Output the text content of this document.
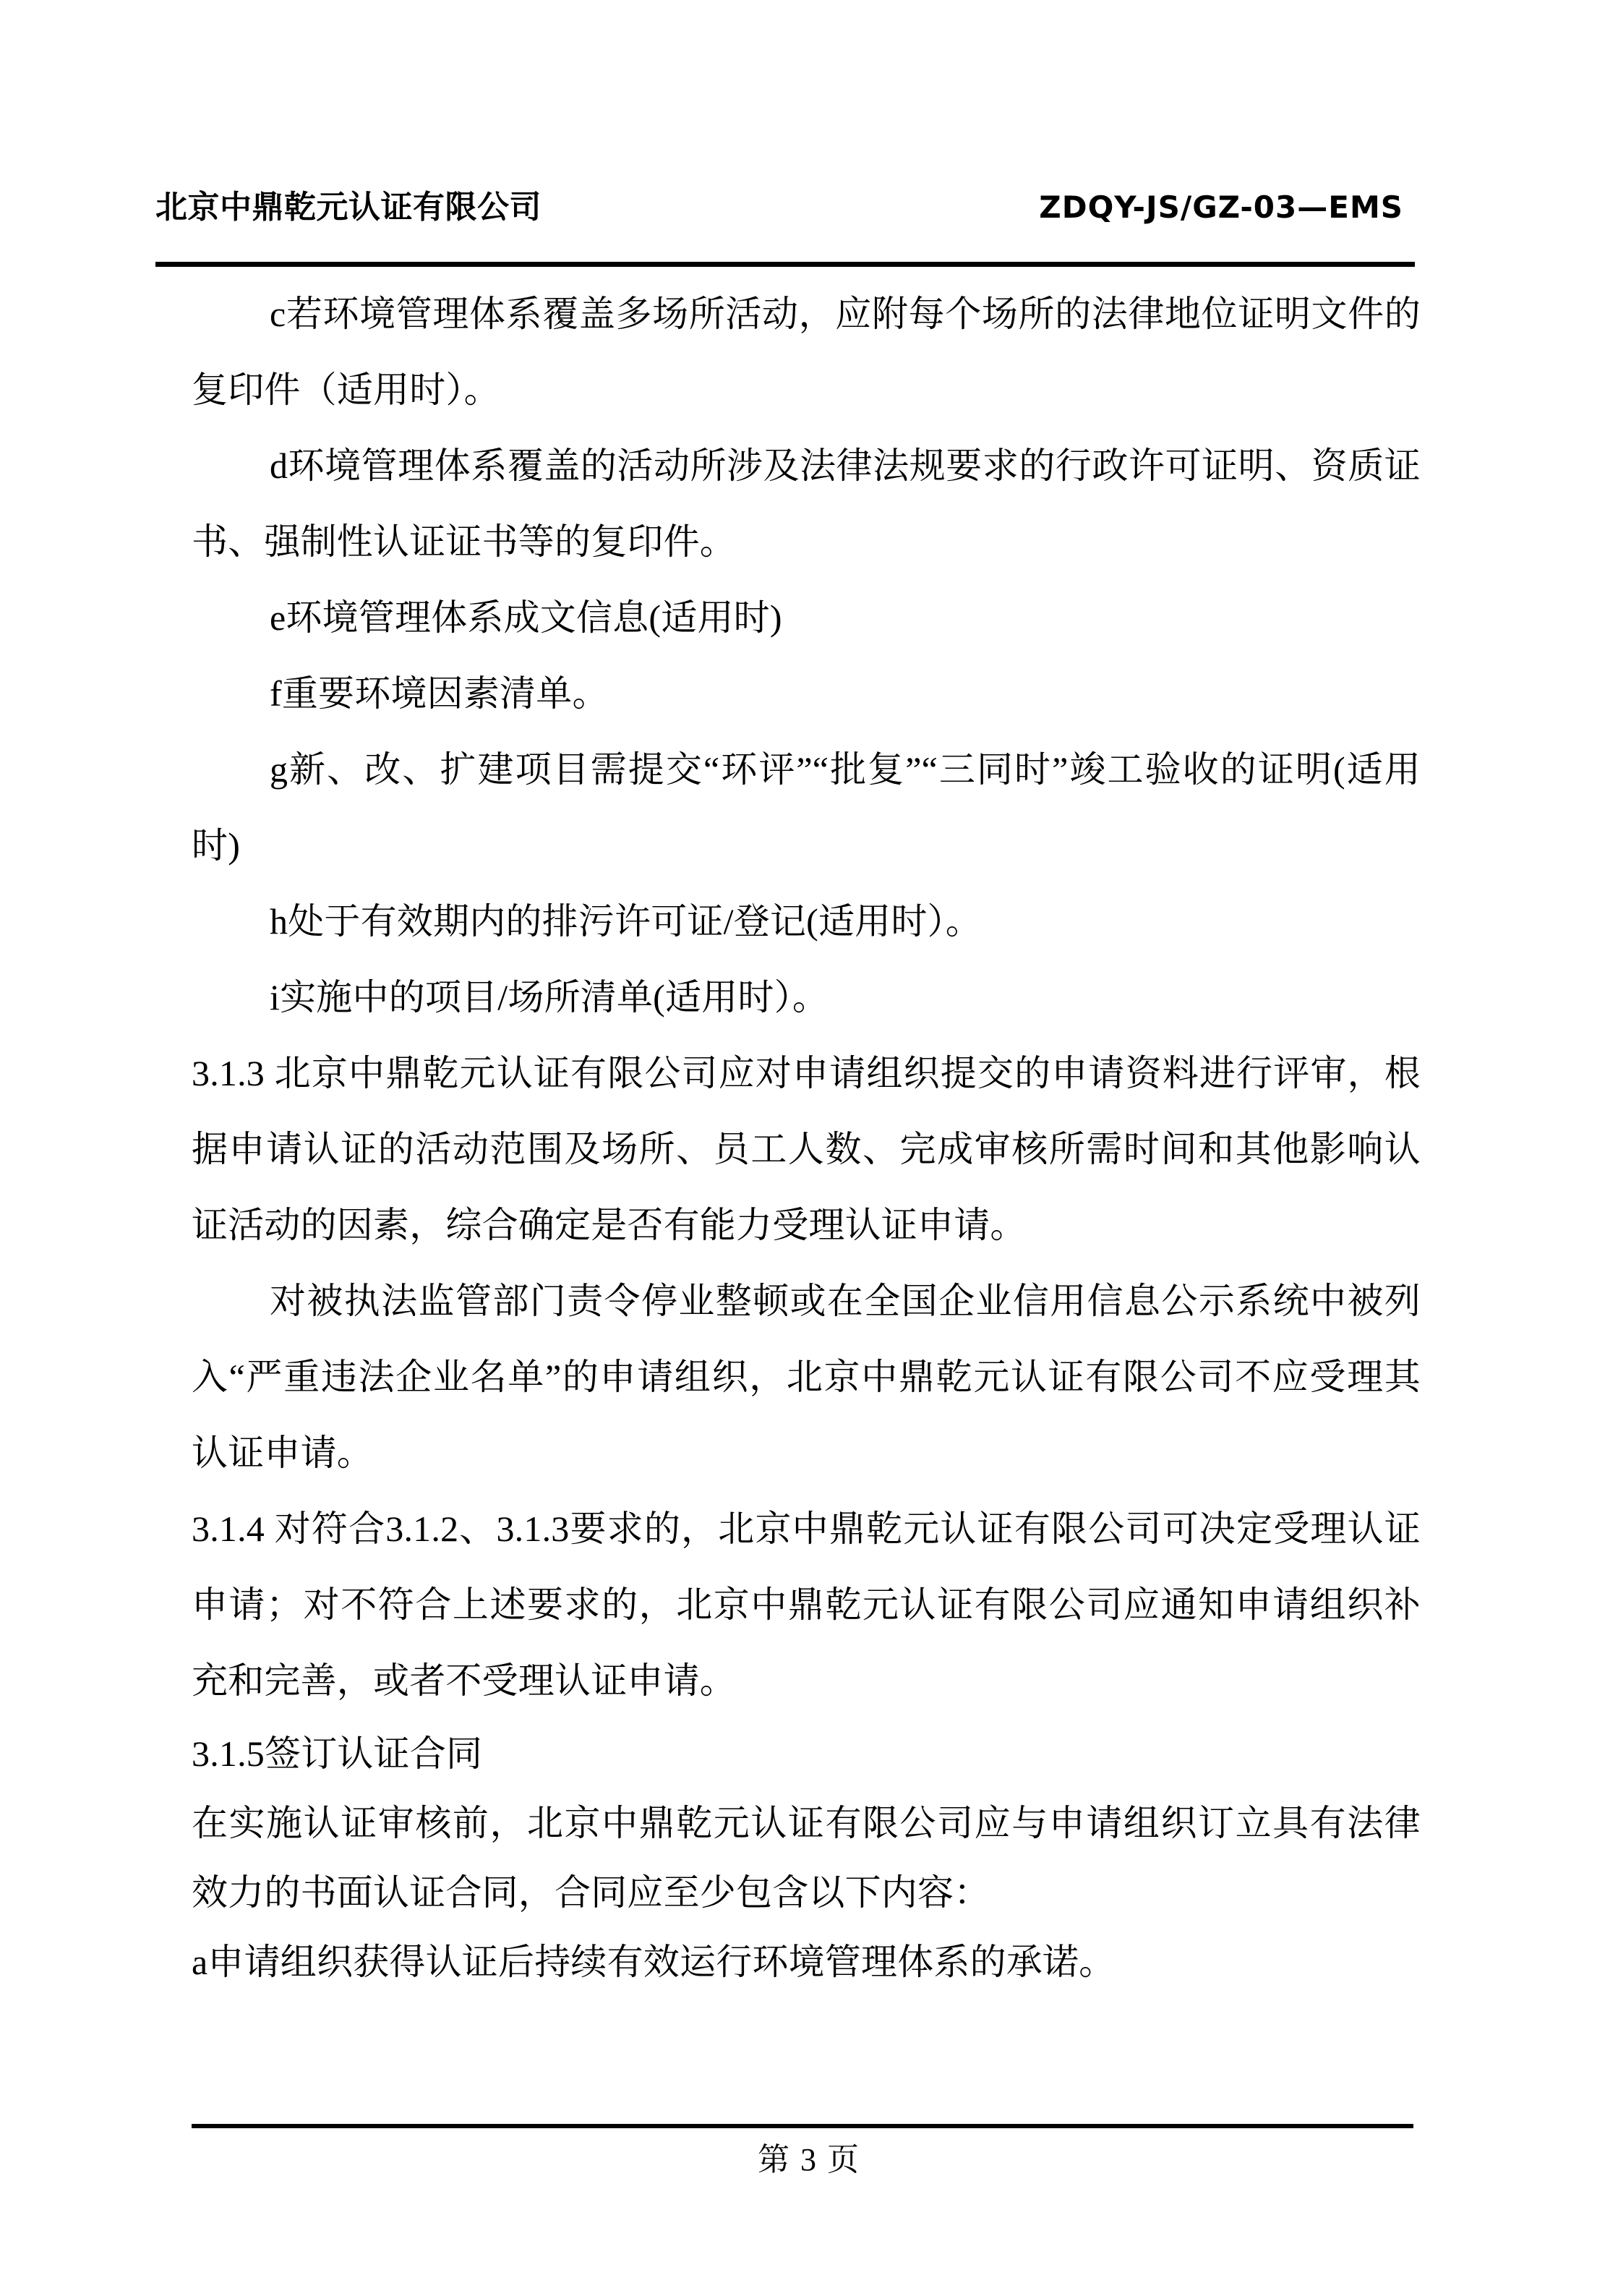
北京中鼎乾元认证有限公司	ZDQY-JS/GZ-03—EMS

c若环境管理体系覆盖多场所活动，应附每个场所的法律地位证明文件的复印件（适用时）。

d环境管理体系覆盖的活动所涉及法律法规要求的行政许可证明、资质证书、强制性认证证书等的复印件。

e环境管理体系成文信息(适用时)

f重要环境因素清单。

g新、改、扩建项目需提交“环评”“批复”“三同时”竣工验收的证明(适用时)

h处于有效期内的排污许可证/登记(适用时）。

i实施中的项目/场所清单(适用时）。

3.1.3 北京中鼎乾元认证有限公司应对申请组织提交的申请资料进行评审，根据申请认证的活动范围及场所、员工人数、完成审核所需时间和其他影响认证活动的因素，综合确定是否有能力受理认证申请。

对被执法监管部门责令停业整顿或在全国企业信用信息公示系统中被列入“严重违法企业名单”的申请组织，北京中鼎乾元认证有限公司不应受理其认证申请。

3.1.4 对符合3.1.2、3.1.3要求的，北京中鼎乾元认证有限公司可决定受理认证申请；对不符合上述要求的，北京中鼎乾元认证有限公司应通知申请组织补充和完善，或者不受理认证申请。

3.1.5签订认证合同

在实施认证审核前，北京中鼎乾元认证有限公司应与申请组织订立具有法律效力的书面认证合同，合同应至少包含以下内容：

a申请组织获得认证后持续有效运行环境管理体系的承诺。

第 3 页
